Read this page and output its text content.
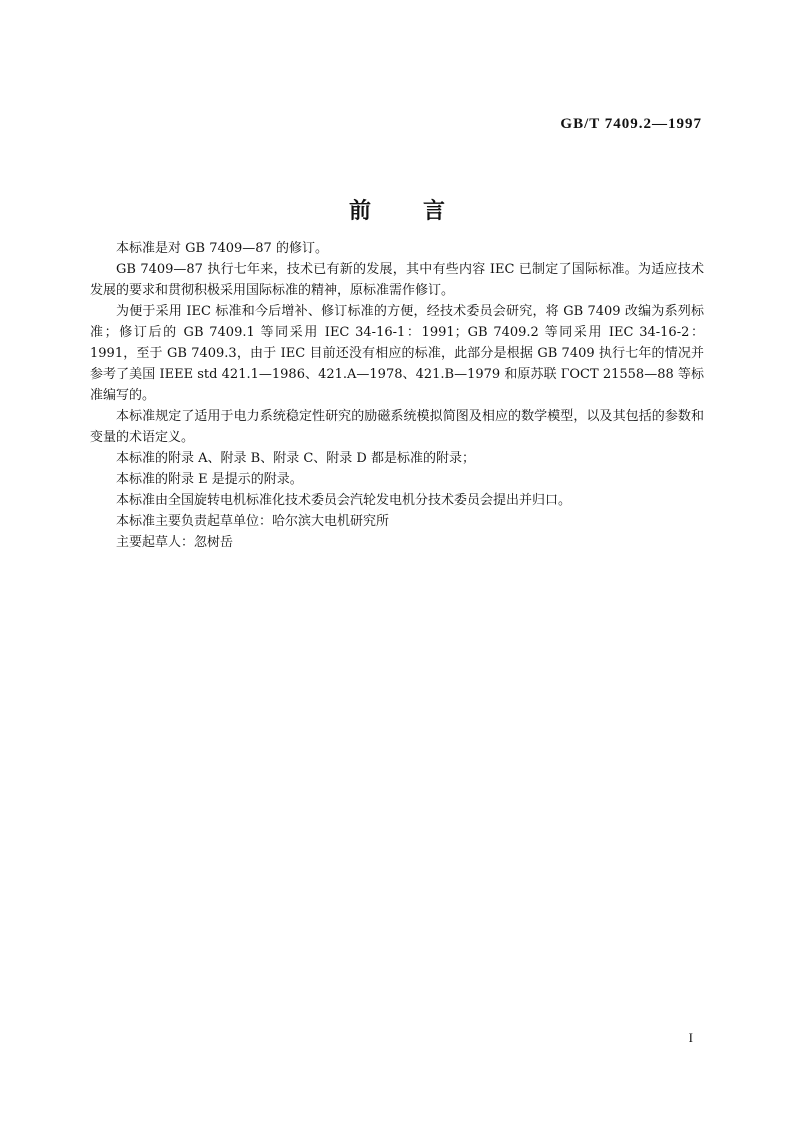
GB/T 7409.2—1997
前言

本标准是对 GB 7409—87 的修订。

GB 7409—87 执行七年来，技术已有新的发展，其中有些内容 IEC 已制定了国际标准。为适应技术发展的要求和贯彻积极采用国际标准的精神，原标准需作修订。

为便于采用 IEC 标准和今后增补、修订标准的方便，经技术委员会研究，将 GB 7409 改编为系列标准；修订后的 GB 7409.1 等同采用 IEC 34-16-1：1991；GB 7409.2 等同采用 IEC 34-16-2：1991，至于 GB 7409.3，由于 IEC 目前还没有相应的标准，此部分是根据 GB 7409 执行七年的情况并参考了美国 IEEE std 421.1—1986、421.A—1978、421.B—1979 和原苏联 ГОСТ 21558—88 等标准编写的。

本标准规定了适用于电力系统稳定性研究的励磁系统模拟简图及相应的数学模型，以及其包括的参数和变量的术语定义。

本标准的附录 A、附录 B、附录 C、附录 D 都是标准的附录；

本标准的附录 E 是提示的附录。

本标准由全国旋转电机标准化技术委员会汽轮发电机分技术委员会提出并归口。

本标准主要负责起草单位：哈尔滨大电机研究所

主要起草人：忽树岳

I
